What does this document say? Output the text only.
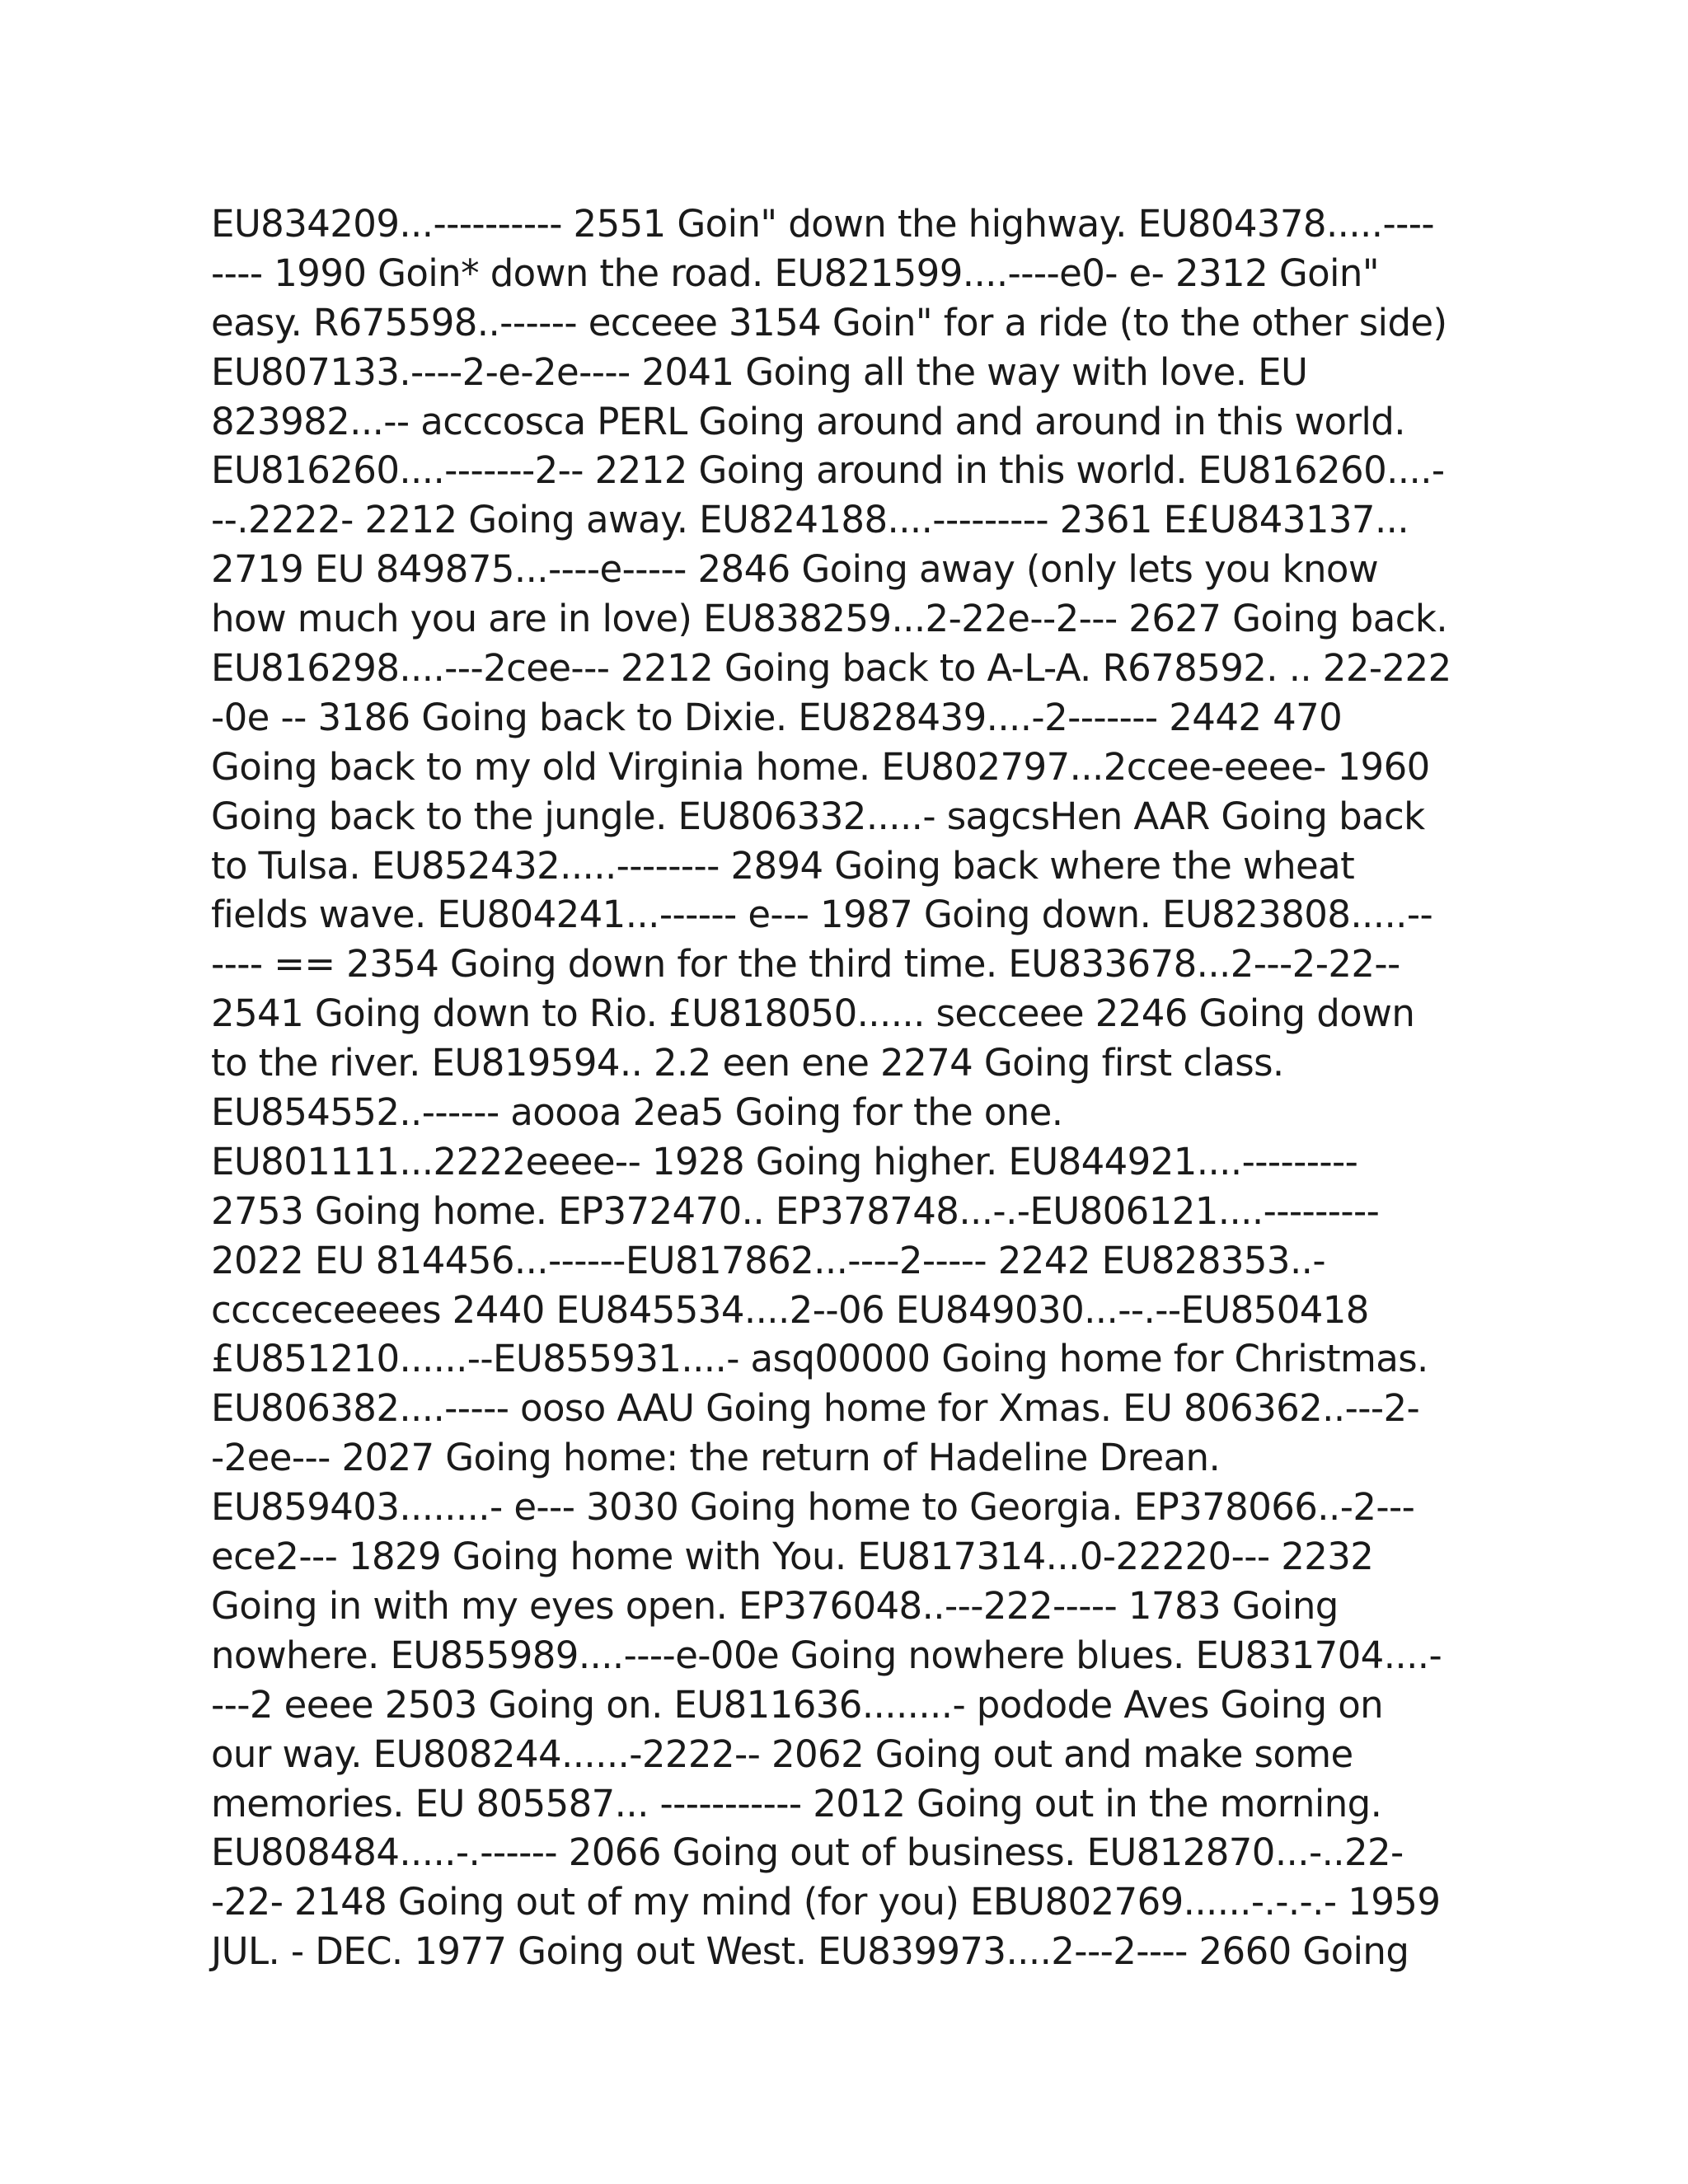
EU834209...---------- 2551 Goin" down the highway. EU804378.....----
---- 1990 Goin* down the road. EU821599....----e0- e- 2312 Goin"
easy. R675598..------ ecceee 3154 Goin" for a ride (to the other side)
EU807133.----2-e-2e---- 2041 Going all the way with love. EU
823982...-- acccosca PERL Going around and around in this world.
EU816260....-------2-- 2212 Going around in this world. EU816260....-
--.2222- 2212 Going away. EU824188....--------- 2361 E£U843137...
2719 EU 849875...----e----- 2846 Going away (only lets you know
how much you are in love) EU838259...2-22e--2--- 2627 Going back.
EU816298....---2cee--- 2212 Going back to A-L-A. R678592. .. 22-222
-0e -- 3186 Going back to Dixie. EU828439....-2------- 2442 470
Going back to my old Virginia home. EU802797...2ccee-eeee- 1960
Going back to the jungle. EU806332.....- sagcsHen AAR Going back
to Tulsa. EU852432.....-------- 2894 Going back where the wheat
fields wave. EU804241...------ e--- 1987 Going down. EU823808.....--
---- == 2354 Going down for the third time. EU833678...2---2-22--
2541 Going down to Rio. £U818050...... secceee 2246 Going down
to the river. EU819594.. 2.2 een ene 2274 Going first class.
EU854552..------ aoooa 2ea5 Going for the one.
EU801111...2222eeee-- 1928 Going higher. EU844921....---------
2753 Going home. EP372470.. EP378748...-.-EU806121....---------
2022 EU 814456...------EU817862...----2----- 2242 EU828353..-
cccceceeees 2440 EU845534....2--06 EU849030...--.--EU850418
£U851210......--EU855931....- asq00000 Going home for Christmas.
EU806382....----- ooso AAU Going home for Xmas. EU 806362..---2-
-2ee--- 2027 Going home: the return of Hadeline Drean.
EU859403........- e--- 3030 Going home to Georgia. EP378066..-2---
ece2--- 1829 Going home with You. EU817314...0-22220--- 2232
Going in with my eyes open. EP376048..---222----- 1783 Going
nowhere. EU855989....----e-00e Going nowhere blues. EU831704....-
---2 eeee 2503 Going on. EU811636........- pododе Aves Going on
our way. EU808244......-2222-- 2062 Going out and make some
memories. EU 805587... ----------- 2012 Going out in the morning.
EU808484.....-.------ 2066 Going out of business. EU812870...-..22-
-22- 2148 Going out of my mind (for you) EBU802769......-.-.-.- 1959
JUL. - DEC. 1977 Going out West. EU839973....2---2---- 2660 Going
